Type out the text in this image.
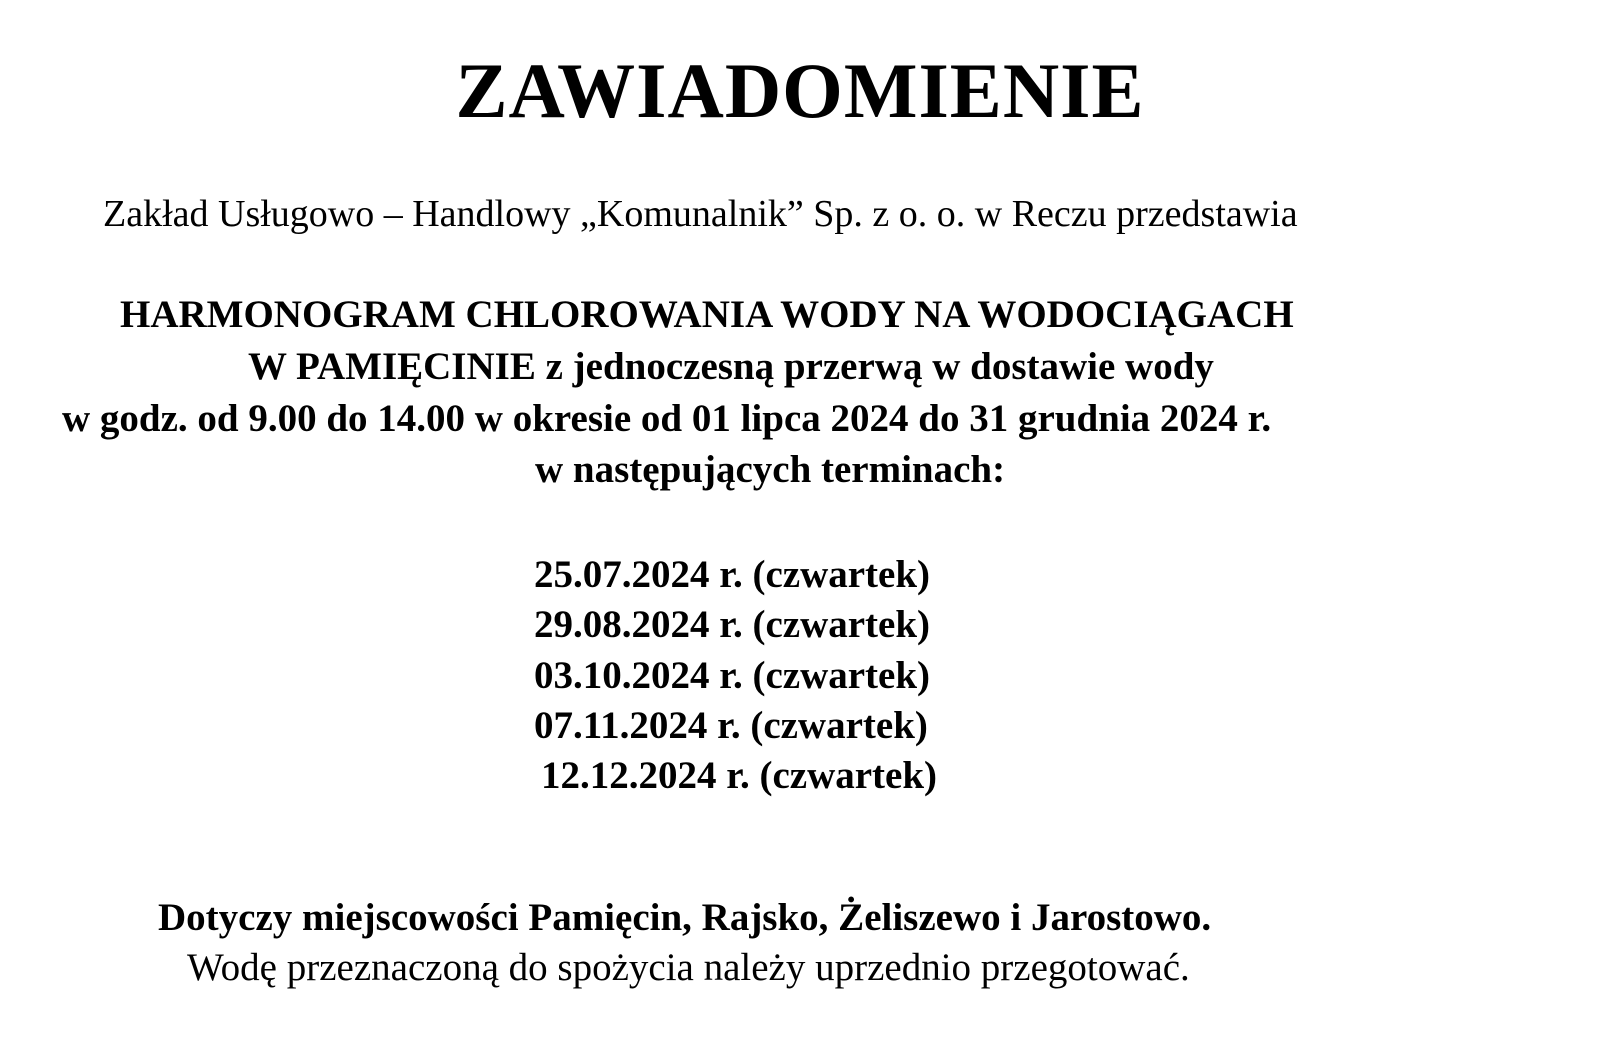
ZAWIADOMIENIE
Zakład Usługowo – Handlowy „Komunalnik” Sp. z o. o. w Reczu przedstawia
HARMONOGRAM CHLOROWANIA WODY NA WODOCIĄGACH
W PAMIĘCINIE z jednoczesną przerwą w dostawie wody
w godz. od 9.00 do 14.00 w okresie od 01 lipca 2024 do 31 grudnia 2024 r.
w następujących terminach:
25.07.2024 r. (czwartek)
29.08.2024 r. (czwartek)
03.10.2024 r. (czwartek)
07.11.2024 r. (czwartek)
12.12.2024 r. (czwartek)
Dotyczy miejscowości Pamięcin, Rajsko, Żeliszewo i Jarostowo.
Wodę przeznaczoną do spożycia należy uprzednio przegotować.
